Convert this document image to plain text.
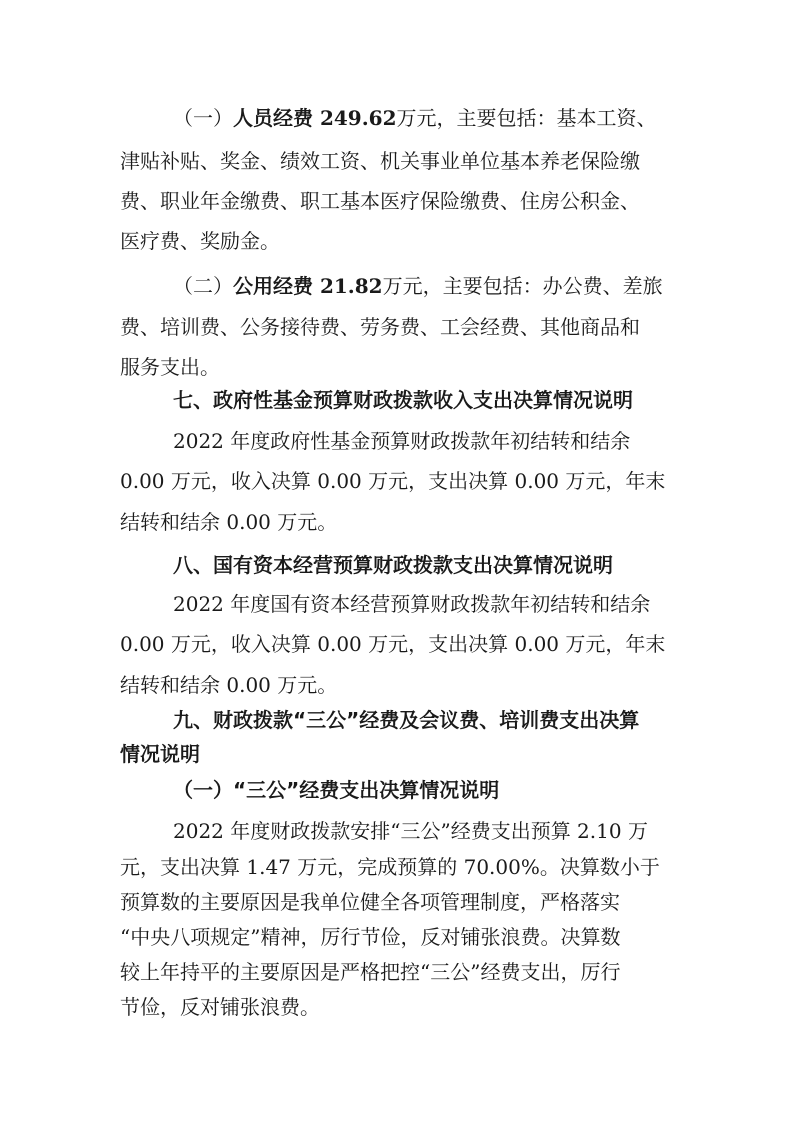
（一）人员经费 249.62万元，主要包括：基本工资、
津贴补贴、奖金、绩效工资、机关事业单位基本养老保险缴
费、职业年金缴费、职工基本医疗保险缴费、住房公积金、
医疗费、奖励金。
（二）公用经费 21.82万元，主要包括：办公费、差旅
费、培训费、公务接待费、劳务费、工会经费、其他商品和
服务支出。
七、政府性基金预算财政拨款收入支出决算情况说明
2022 年度政府性基金预算财政拨款年初结转和结余
0.00 万元，收入决算 0.00 万元，支出决算 0.00 万元，年末
结转和结余 0.00 万元。
八、国有资本经营预算财政拨款支出决算情况说明
2022 年度国有资本经营预算财政拨款年初结转和结余
0.00 万元，收入决算 0.00 万元，支出决算 0.00 万元，年末
结转和结余 0.00 万元。
九、财政拨款“三公”经费及会议费、培训费支出决算
情况说明
（一）“三公”经费支出决算情况说明
2022 年度财政拨款安排“三公”经费支出预算 2.10 万
元，支出决算 1.47 万元，完成预算的 70.00%。决算数小于
预算数的主要原因是我单位健全各项管理制度，严格落实
“中央八项规定”精神，厉行节俭，反对铺张浪费。决算数
较上年持平的主要原因是严格把控“三公”经费支出，厉行
节俭，反对铺张浪费。
